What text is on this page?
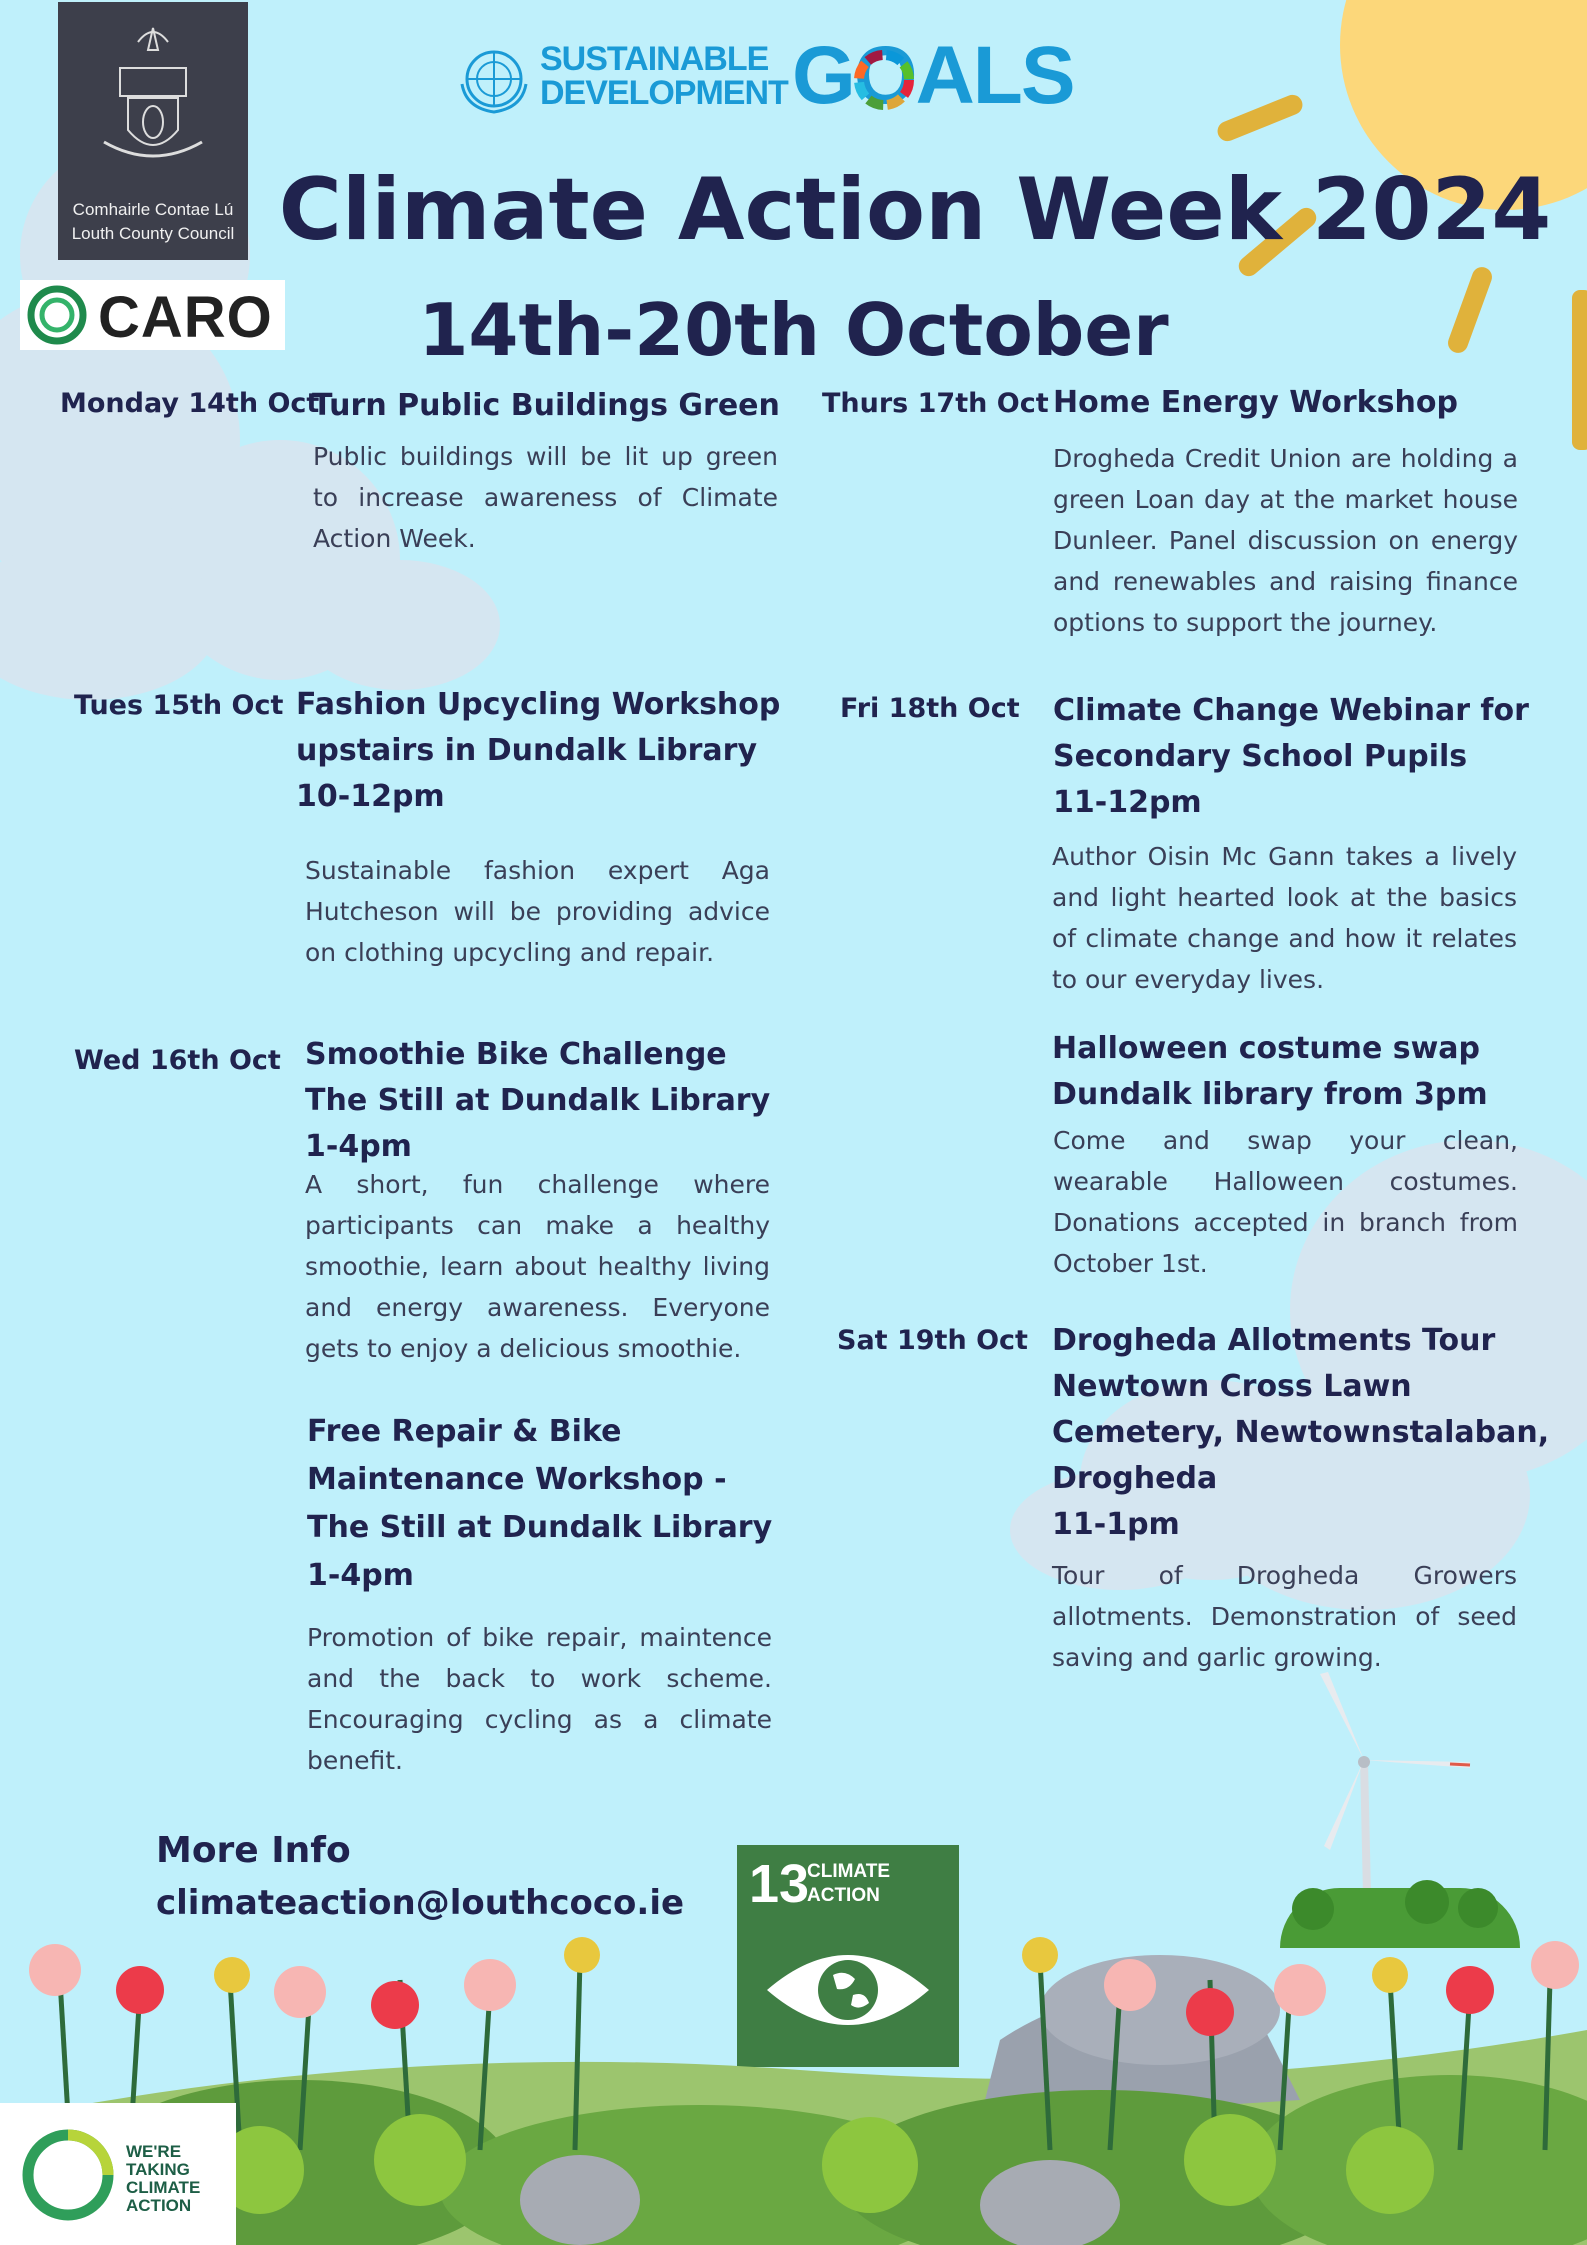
Comhairle Contae Lú
Louth County Council
CARO
SUSTAINABLE
DEVELOPMENT GOALS
Climate Action Week 2024
14th-20th October
Monday 14th Oct
Turn Public Buildings Green
Public buildings will be lit up green to increase awareness of Climate Action Week.
Tues 15th Oct Fashion Upcycling Workshop
upstairs in Dundalk Library
10-12pm
Sustainable fashion expert Aga Hutcheson will be providing advice on clothing upcycling and repair.
Wed 16th Oct Smoothie Bike Challenge
The Still at Dundalk Library
1-4pm
A short, fun challenge where participants can make a healthy smoothie, learn about healthy living and energy awareness. Everyone gets to enjoy a delicious smoothie.
Free Repair & Bike
Maintenance Workshop -
The Still at Dundalk Library
1-4pm
Promotion of bike repair, maintence and the back to work scheme. Encouraging cycling as a climate benefit.
Thurs 17th Oct Home Energy Workshop
Drogheda Credit Union are holding a green Loan day at the market house Dunleer. Panel discussion on energy and renewables and raising finance options to support the journey.
Fri 18th Oct Climate Change Webinar for
Secondary School Pupils
11-12pm
Author Oisin Mc Gann takes a lively and light hearted look at the basics of climate change and how it relates to our everyday lives.
Halloween costume swap
Dundalk library from 3pm
Come and swap your clean, wearable Halloween costumes. Donations accepted in branch from October 1st.
Sat 19th Oct Drogheda Allotments Tour
Newtown Cross Lawn
Cemetery, Newtownstalaban,
Drogheda
11-1pm
Tour of Drogheda Growers allotments. Demonstration of seed saving and garlic growing.
More Info
climateaction@louthcoco.ie 13
CLIMATE
ACTION
WE'RE
TAKING
CLIMATE
ACTION
